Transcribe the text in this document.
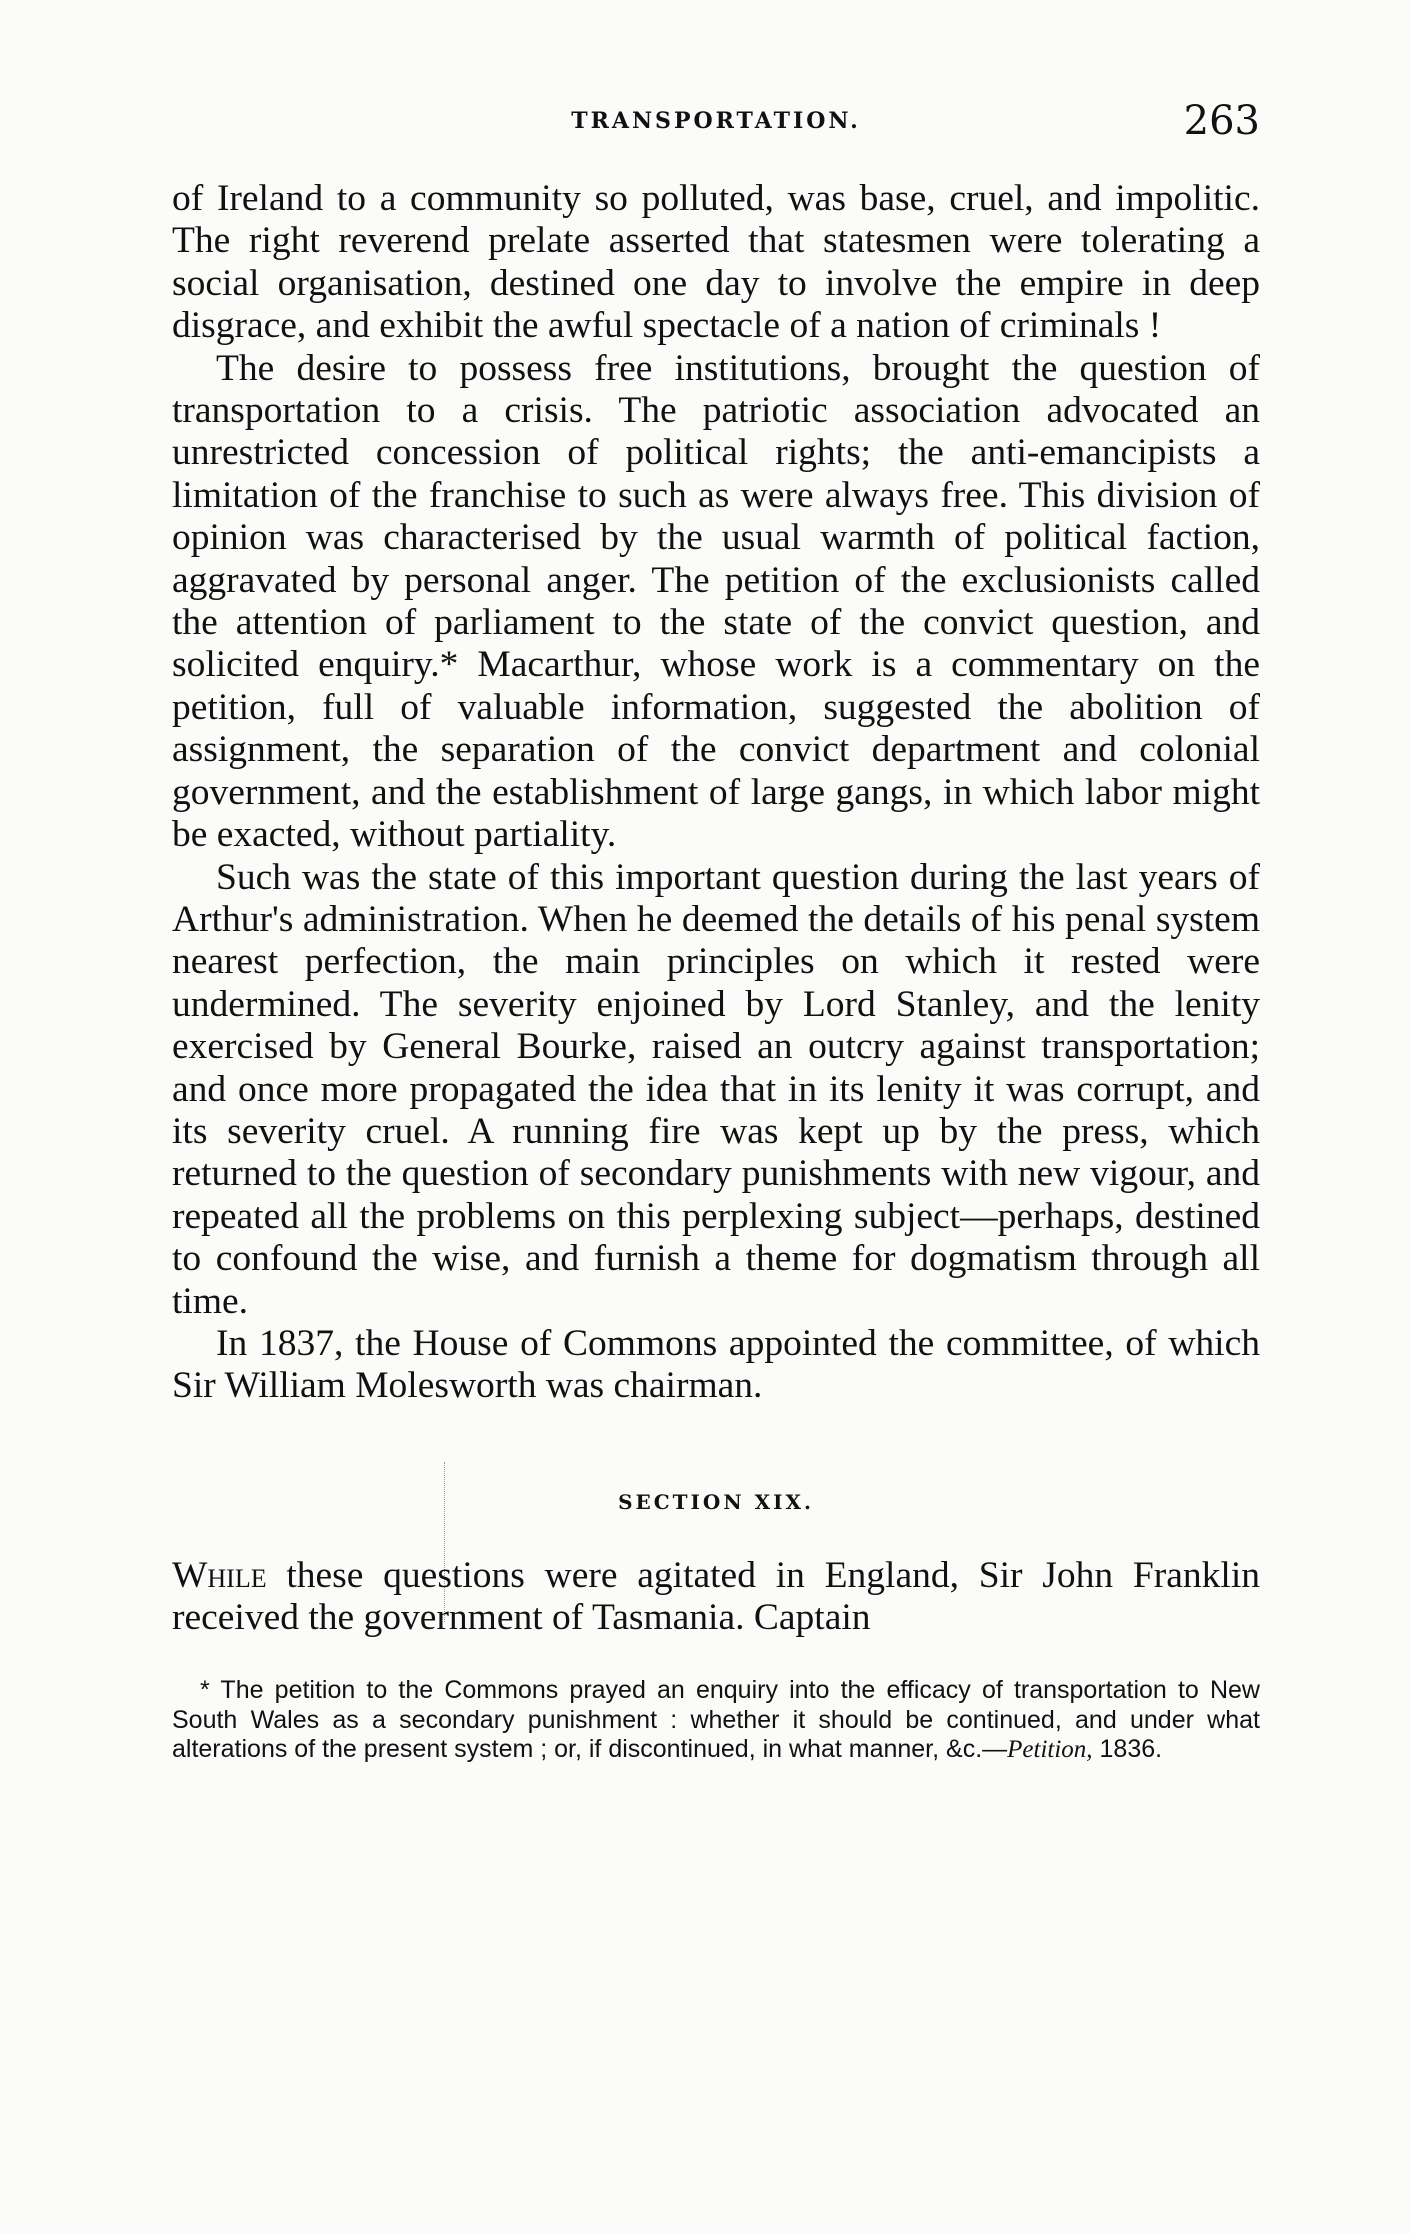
TRANSPORTATION.	263

of Ireland to a community so polluted, was base, cruel, and impolitic. The right reverend prelate asserted that statesmen were tolerating a social organisation, destined one day to involve the empire in deep disgrace, and exhibit the awful spectacle of a nation of criminals !

The desire to possess free institutions, brought the question of transportation to a crisis. The patriotic association advocated an unrestricted concession of political rights; the anti-emancipists a limitation of the franchise to such as were always free. This division of opinion was characterised by the usual warmth of political faction, aggravated by personal anger. The petition of the exclusionists called the attention of parliament to the state of the convict question, and solicited enquiry.* Macarthur, whose work is a commentary on the petition, full of valuable information, suggested the abolition of assignment, the separation of the convict department and colonial government, and the establishment of large gangs, in which labor might be exacted, without partiality.

Such was the state of this important question during the last years of Arthur's administration. When he deemed the details of his penal system nearest perfection, the main principles on which it rested were undermined. The severity enjoined by Lord Stanley, and the lenity exercised by General Bourke, raised an outcry against transportation; and once more propagated the idea that in its lenity it was corrupt, and its severity cruel. A running fire was kept up by the press, which returned to the question of secondary punishments with new vigour, and repeated all the problems on this perplexing subject—perhaps, destined to confound the wise, and furnish a theme for dogmatism through all time.

In 1837, the House of Commons appointed the committee, of which Sir William Molesworth was chairman.

SECTION XIX.

While these questions were agitated in England, Sir John Franklin received the government of Tasmania. Captain

* The petition to the Commons prayed an enquiry into the efficacy of transportation to New South Wales as a secondary punishment : whether it should be continued, and under what alterations of the present system ; or, if discontinued, in what manner, &c.—Petition, 1836.
